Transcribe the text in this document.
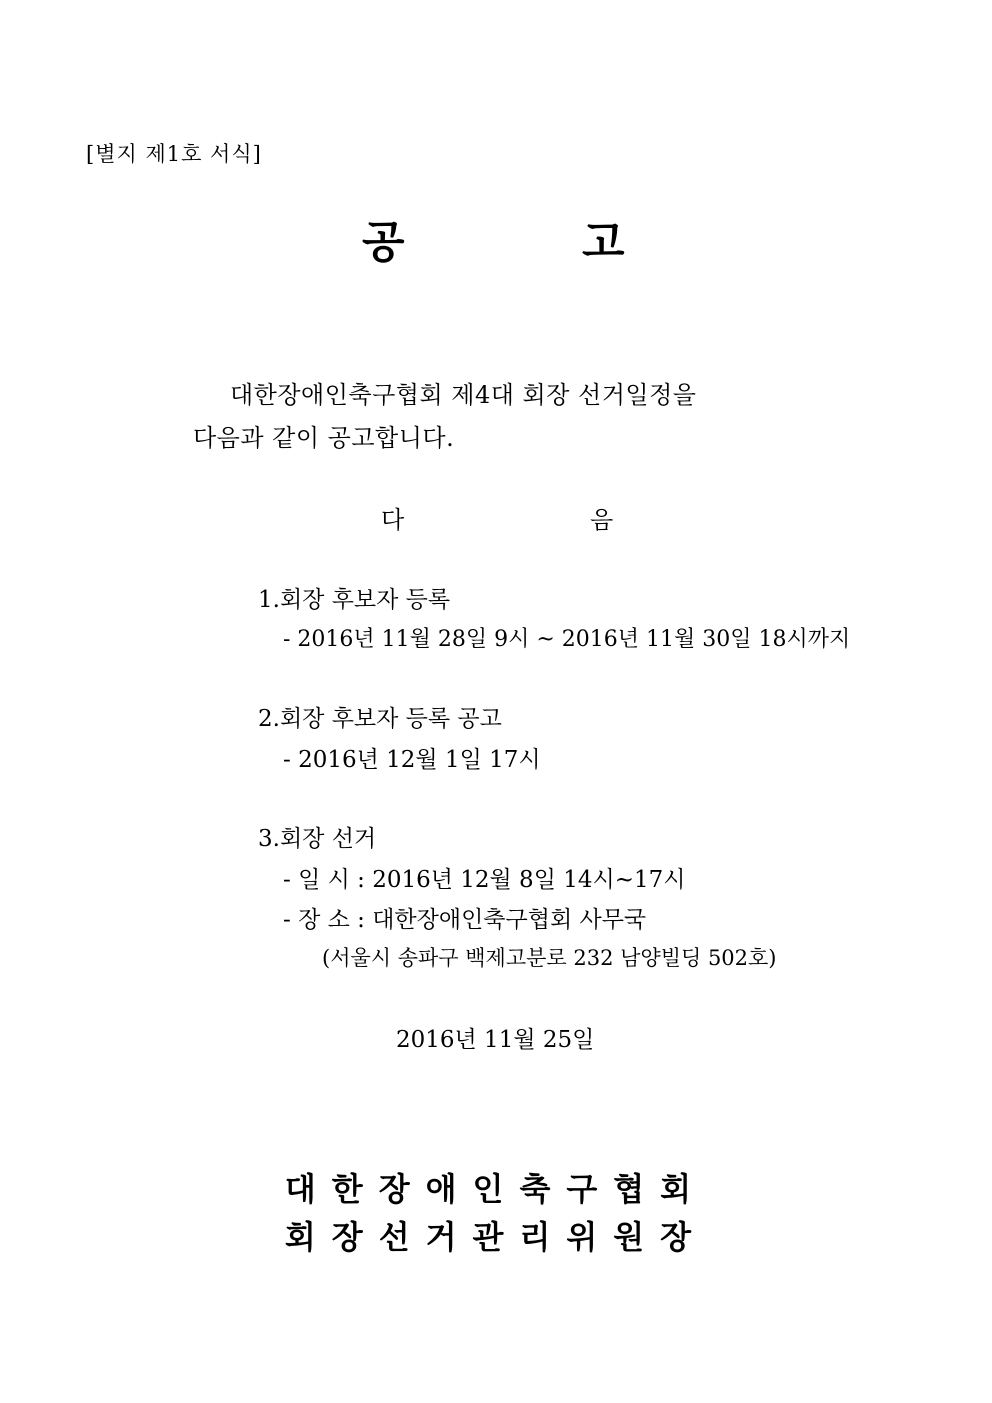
[별지 제1호 서식]
공	고
대한장애인축구협회 제4대 회장 선거일정을
다음과 같이 공고합니다.
다	음
1.회장 후보자 등록
- 2016년 11월 28일 9시 ~ 2016년 11월 30일 18시까지
2.회장 후보자 등록 공고
- 2016년 12월 1일 17시
3.회장 선거
- 일 시 : 2016년 12월 8일 14시~17시
- 장 소 : 대한장애인축구협회 사무국
(서울시 송파구 백제고분로 232 남양빌딩 502호)
2016년 11월 25일
대한장애인축구협회
회장선거관리위원장
